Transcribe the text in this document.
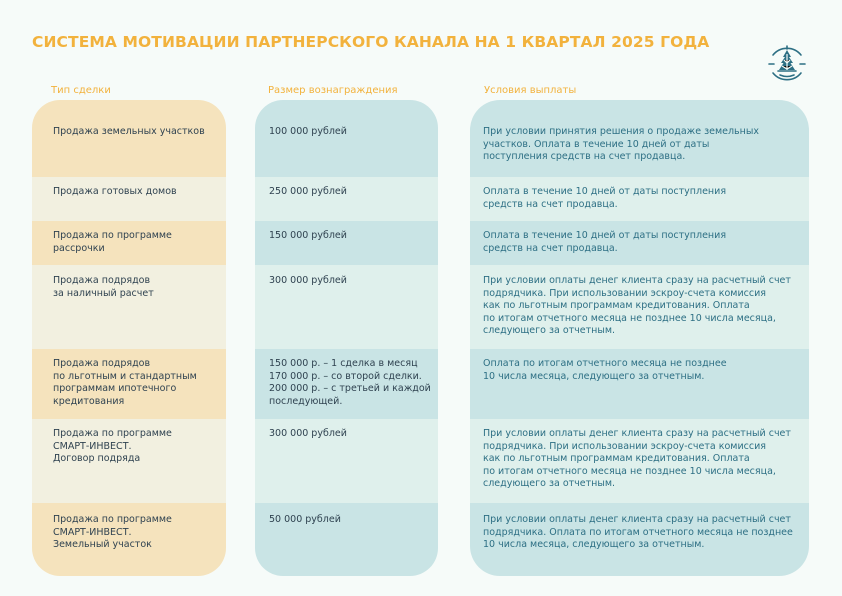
СИСТЕМА МОТИВАЦИИ ПАРТНЕРСКОГО КАНАЛА НА 1 КВАРТАЛ 2025 ГОДА
Тип сделки	Размер вознаграждения	Условия выплаты
Продажа земельных участков
Продажа готовых домов
Продажа по программе
рассрочки
Продажа подрядов
за наличный расчет
Продажа подрядов
по льготным и стандартным
программам ипотечного
кредитования
Продажа по программе
СМАРТ-ИНВЕСТ.
Договор подряда
Продажа по программе
СМАРТ-ИНВЕСТ.
Земельный участок
100 000 рублей
250 000 рублей
150 000 рублей
300 000 рублей
150 000 р. – 1 сделка в месяц
170 000 р. – со второй сделки.
200 000 р. – с третьей и каждой
последующей.
300 000 рублей
50 000 рублей
При условии принятия решения о продаже земельных
участков. Оплата в течение 10 дней от даты
поступления средств на счет продавца.
Оплата в течение 10 дней от даты поступления
средств на счет продавца.
Оплата в течение 10 дней от даты поступления
средств на счет продавца.
При условии оплаты денег клиента сразу на расчетный счет
подрядчика. При использовании эскроу-счета комиссия
как по льготным программам кредитования. Оплата
по итогам отчетного месяца не позднее 10 числа месяца,
следующего за отчетным.
Оплата по итогам отчетного месяца не позднее
10 числа месяца, следующего за отчетным.
При условии оплаты денег клиента сразу на расчетный счет
подрядчика. При использовании эскроу-счета комиссия
как по льготным программам кредитования. Оплата
по итогам отчетного месяца не позднее 10 числа месяца,
следующего за отчетным.
При условии оплаты денег клиента сразу на расчетный счет
подрядчика. Оплата по итогам отчетного месяца не позднее
10 числа месяца, следующего за отчетным.
